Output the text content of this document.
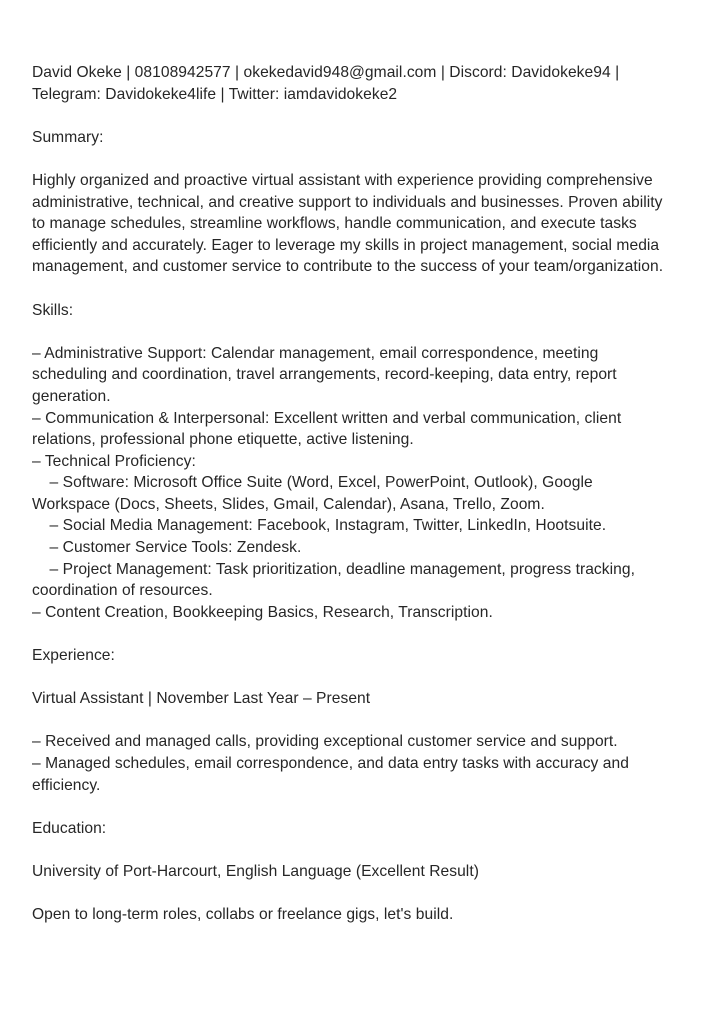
David Okeke | 08108942577 | okekedavid948@gmail.com | Discord: Davidokeke94 |

Telegram: Davidokeke4life | Twitter: iamdavidokeke2

Summary:

Highly organized and proactive virtual assistant with experience providing comprehensive

administrative, technical, and creative support to individuals and businesses. Proven ability

to manage schedules, streamline workflows, handle communication, and execute tasks

efficiently and accurately. Eager to leverage my skills in project management, social media

management, and customer service to contribute to the success of your team/organization.

Skills:

– Administrative Support: Calendar management, email correspondence, meeting

scheduling and coordination, travel arrangements, record-keeping, data entry, report

generation.

– Communication & Interpersonal: Excellent written and verbal communication, client

relations, professional phone etiquette, active listening.

– Technical Proficiency:

– Software: Microsoft Office Suite (Word, Excel, PowerPoint, Outlook), Google

Workspace (Docs, Sheets, Slides, Gmail, Calendar), Asana, Trello, Zoom.

– Social Media Management: Facebook, Instagram, Twitter, LinkedIn, Hootsuite.

– Customer Service Tools: Zendesk.

– Project Management: Task prioritization, deadline management, progress tracking,

coordination of resources.

– Content Creation, Bookkeeping Basics, Research, Transcription.

Experience:

Virtual Assistant | November Last Year – Present

– Received and managed calls, providing exceptional customer service and support.

– Managed schedules, email correspondence, and data entry tasks with accuracy and

efficiency.

Education:

University of Port-Harcourt, English Language (Excellent Result)

Open to long-term roles, collabs or freelance gigs, let's build.
